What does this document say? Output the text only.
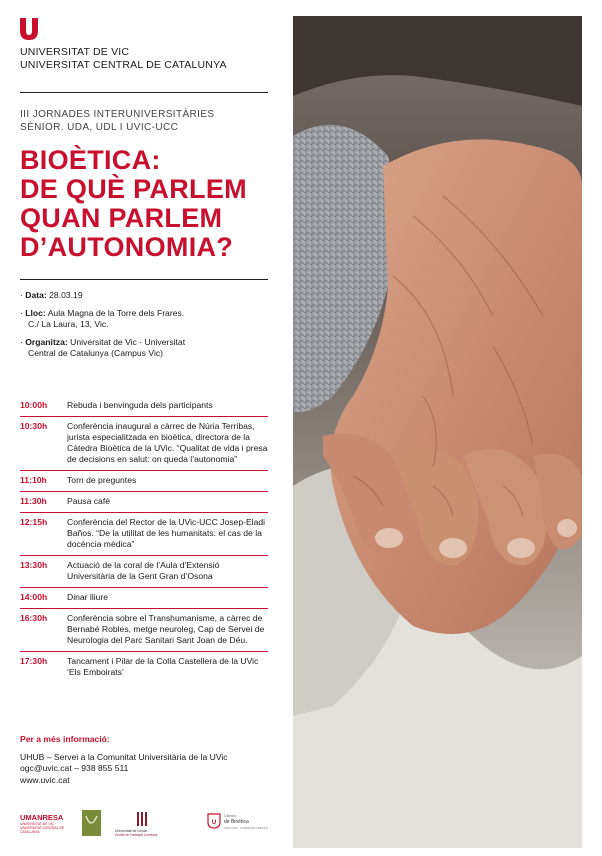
UNIVERSITAT DE VIC
UNIVERSITAT CENTRAL DE CATALUNYA
III JORNADES INTERUNIVERSITÀRIES
SÈNIOR. UDA, UDL I UVIC-UCC
BIOÈTICA:
DE QUÈ PARLEM
QUAN PARLEM
D’AUTONOMIA?
· Data: 28.03.19
· Lloc: Aula Magna de la Torre dels Frares.
C./ La Laura, 13, Vic.
· Organitza: Universitat de Vic · Universitat
Central de Catalunya (Campus Vic)
10:00h	Rebuda i benvinguda dels participants
10:30h	Conferència inaugural a càrrec de Núria Terribas, jurista especialitzada en bioètica, directora de la Càtedra Bioètica de la UVic. “Qualitat de vida i presa de decisions en salut: on queda l’autonomia”
11:10h	Torn de preguntes
11:30h	Pausa cafè
12:15h	Conferència del Rector de la UVic-UCC Josep-Eladi Baños. “De la utilitat de les humanitats: el cas de la docència mèdica”
13:30h	Actuació de la coral de l’Aula d’Extensió Universitària de la Gent Gran d’Osona
14:00h	Dinar lliure
16:30h	Conferència sobre el Transhumanisme, a càrrec de Bernabé Robles, metge neuroleg, Cap de Servei de Neurologia del Parc Sanitari Sant Joan de Déu.
17:30h	Tancament i Pilar de la Colla Castellera de la UVic ‘Els Emboirats’
Per a més informació:
UHUB – Servei a la Comunitat Universitària de la UVic
ogc@uvic.cat – 938 855 511
www.uvic.cat
UMANRESA
UNIVERSITAT DE VIC · UNIVERSITAT CENTRAL DE CATALUNYA	Universitat de Lleida
Centre de Formació Contínua
U
Càtedra
de Bioètica
UVIC-UCC · FUNDACIÓ GRIFOLS
